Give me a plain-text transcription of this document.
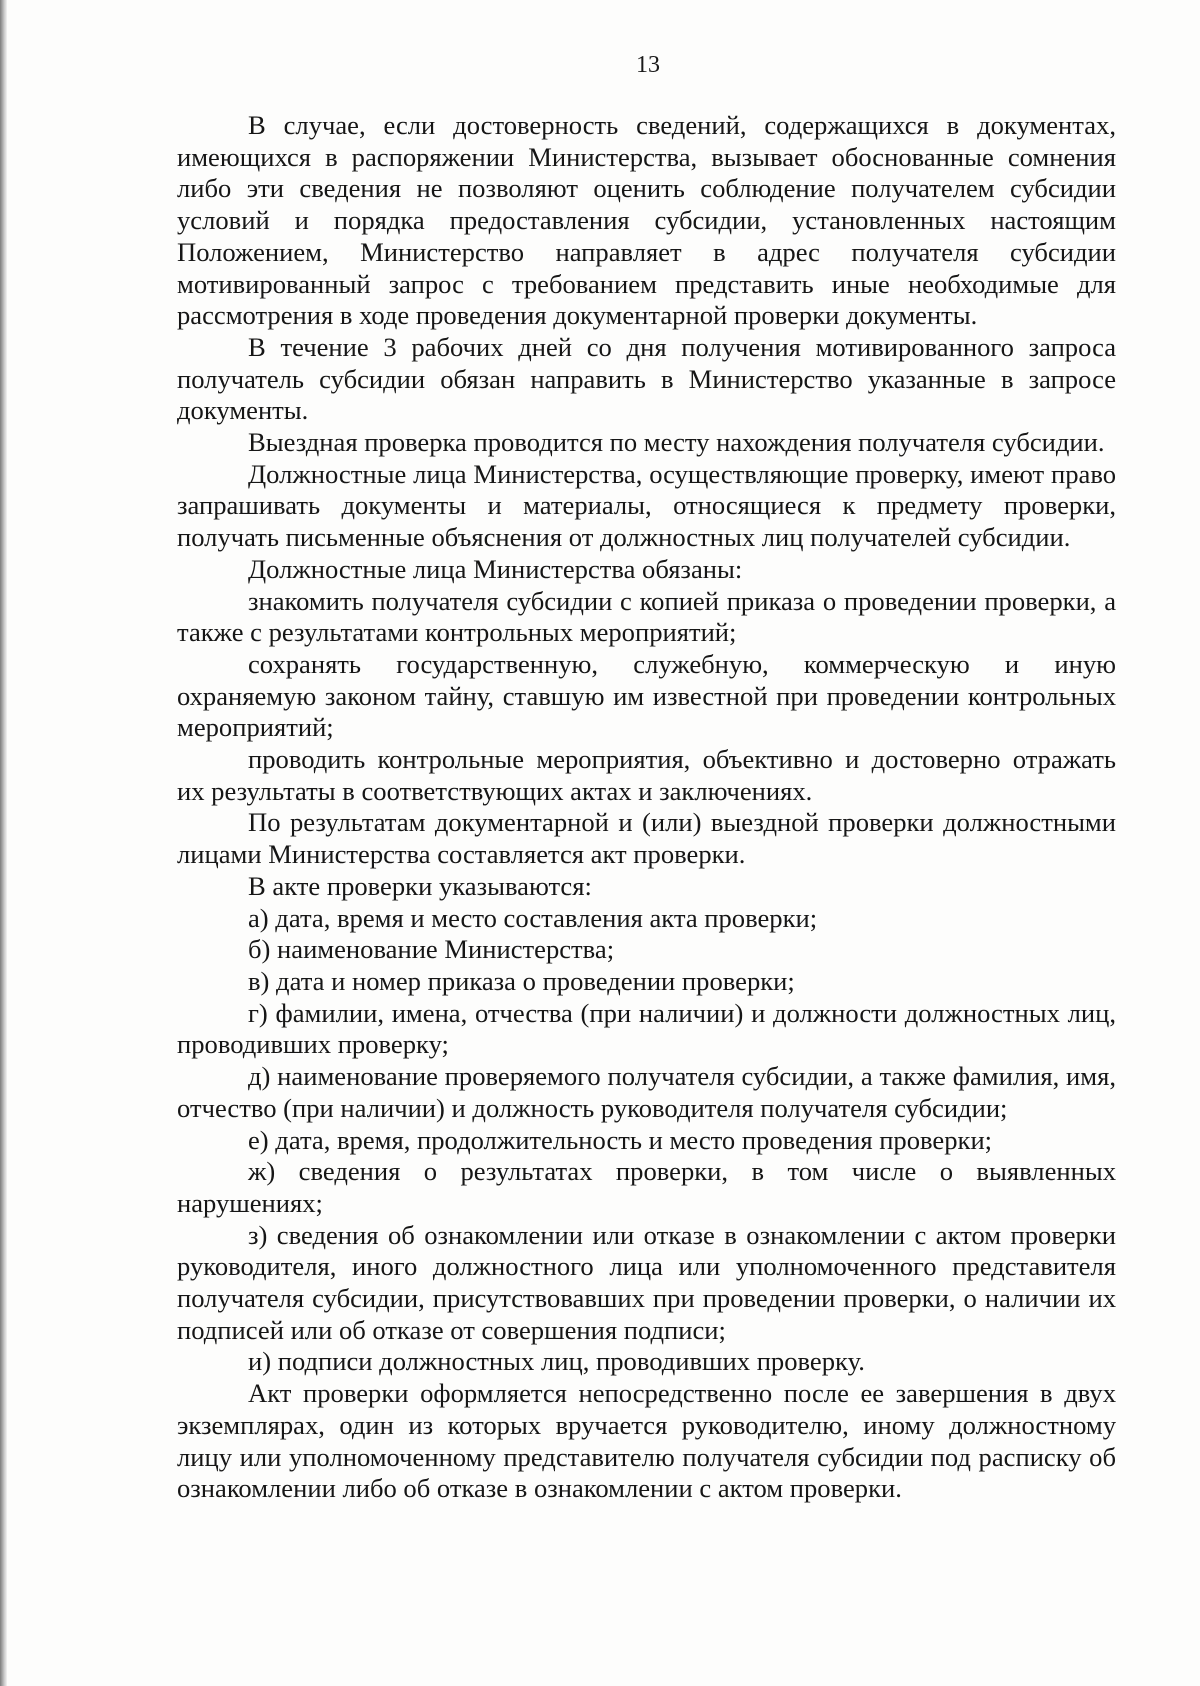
13

В случае, если достоверность сведений, содержащихся в документах, имеющихся в распоряжении Министерства, вызывает обоснованные сомнения либо эти сведения не позволяют оценить соблюдение получателем субсидии условий и порядка предоставления субсидии, установленных настоящим Положением, Министерство направляет в адрес получателя субсидии мотивированный запрос с требованием представить иные необходимые для рассмотрения в ходе проведения документарной проверки документы.

В течение 3 рабочих дней со дня получения мотивированного запроса получатель субсидии обязан направить в Министерство указанные в запросе документы.

Выездная проверка проводится по месту нахождения получателя субсидии.

Должностные лица Министерства, осуществляющие проверку, имеют право запрашивать документы и материалы, относящиеся к предмету проверки, получать письменные объяснения от должностных лиц получателей субсидии.

Должностные лица Министерства обязаны:

знакомить получателя субсидии с копией приказа о проведении проверки, а также с результатами контрольных мероприятий;

сохранять государственную, служебную, коммерческую и иную охраняемую законом тайну, ставшую им известной при проведении контрольных мероприятий;

проводить контрольные мероприятия, объективно и достоверно отражать их результаты в соответствующих актах и заключениях.

По результатам документарной и (или) выездной проверки должностными лицами Министерства составляется акт проверки.

В акте проверки указываются:

а) дата, время и место составления акта проверки;

б) наименование Министерства;

в) дата и номер приказа о проведении проверки;

г) фамилии, имена, отчества (при наличии) и должности должностных лиц, проводивших проверку;

д) наименование проверяемого получателя субсидии, а также фамилия, имя, отчество (при наличии) и должность руководителя получателя субсидии;

е) дата, время, продолжительность и место проведения проверки;

ж) сведения о результатах проверки, в том числе о выявленных нарушениях;

з) сведения об ознакомлении или отказе в ознакомлении с актом проверки руководителя, иного должностного лица или уполномоченного представителя получателя субсидии, присутствовавших при проведении проверки, о наличии их подписей или об отказе от совершения подписи;

и) подписи должностных лиц, проводивших проверку.

Акт проверки оформляется непосредственно после ее завершения в двух экземплярах, один из которых вручается руководителю, иному должностному лицу или уполномоченному представителю получателя субсидии под расписку об ознакомлении либо об отказе в ознакомлении с актом проверки.
